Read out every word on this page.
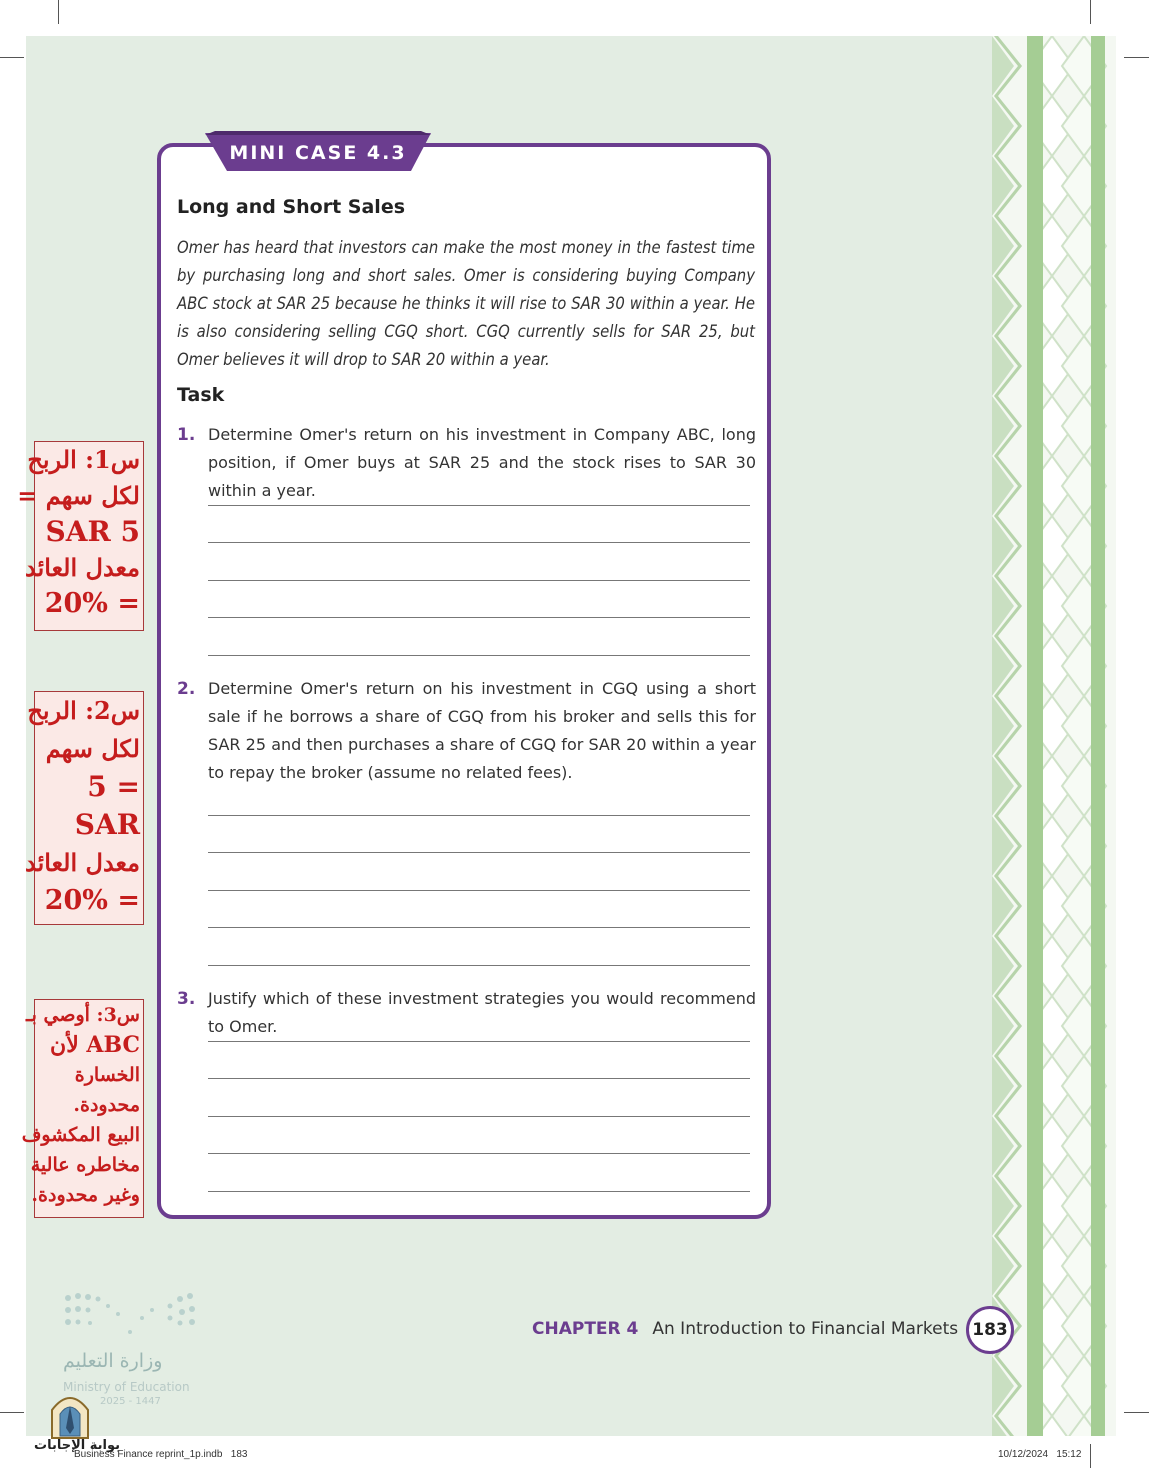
MINI CASE 4.3
Long and Short Sales
Omer has heard that investors can make the most money in the fastest time by purchasing long and short sales. Omer is considering buying Company ABC stock at SAR 25 because he thinks it will rise to SAR 30 within a year. He is also considering selling CGQ short. CGQ currently sells for SAR 25, but Omer believes it will drop to SAR 20 within a year.
Task
1. Determine Omer's return on his investment in Company ABC, long position, if Omer buys at SAR 25 and the stock rises to SAR 30 within a year.
2. Determine Omer's return on his investment in CGQ using a short sale if he borrows a share of CGQ from his broker and sells this for SAR 25 and then purchases a share of CGQ for SAR 20 within a year to repay the broker (assume no related fees).
3. Justify which of these investment strategies you would recommend to Omer.
س1: الربح
لكل سهم =
SAR 5
معدل العائد
= 20%
س2: الربح
لكل سهم
= 5
SAR
معدل العائد
= 20%
س3: أوصي بـ
ABC لأن
الخسارة
محدودة.
البيع المكشوف
مخاطره عالية
وغير محدودة.
وزارة التعليم
Ministry of Education
2025 - 1447
بوابة الإجابات
CHAPTER 4 An Introduction to Financial Markets 183
Business Finance reprint_1p.indb   183	10/12/2024   15:12
